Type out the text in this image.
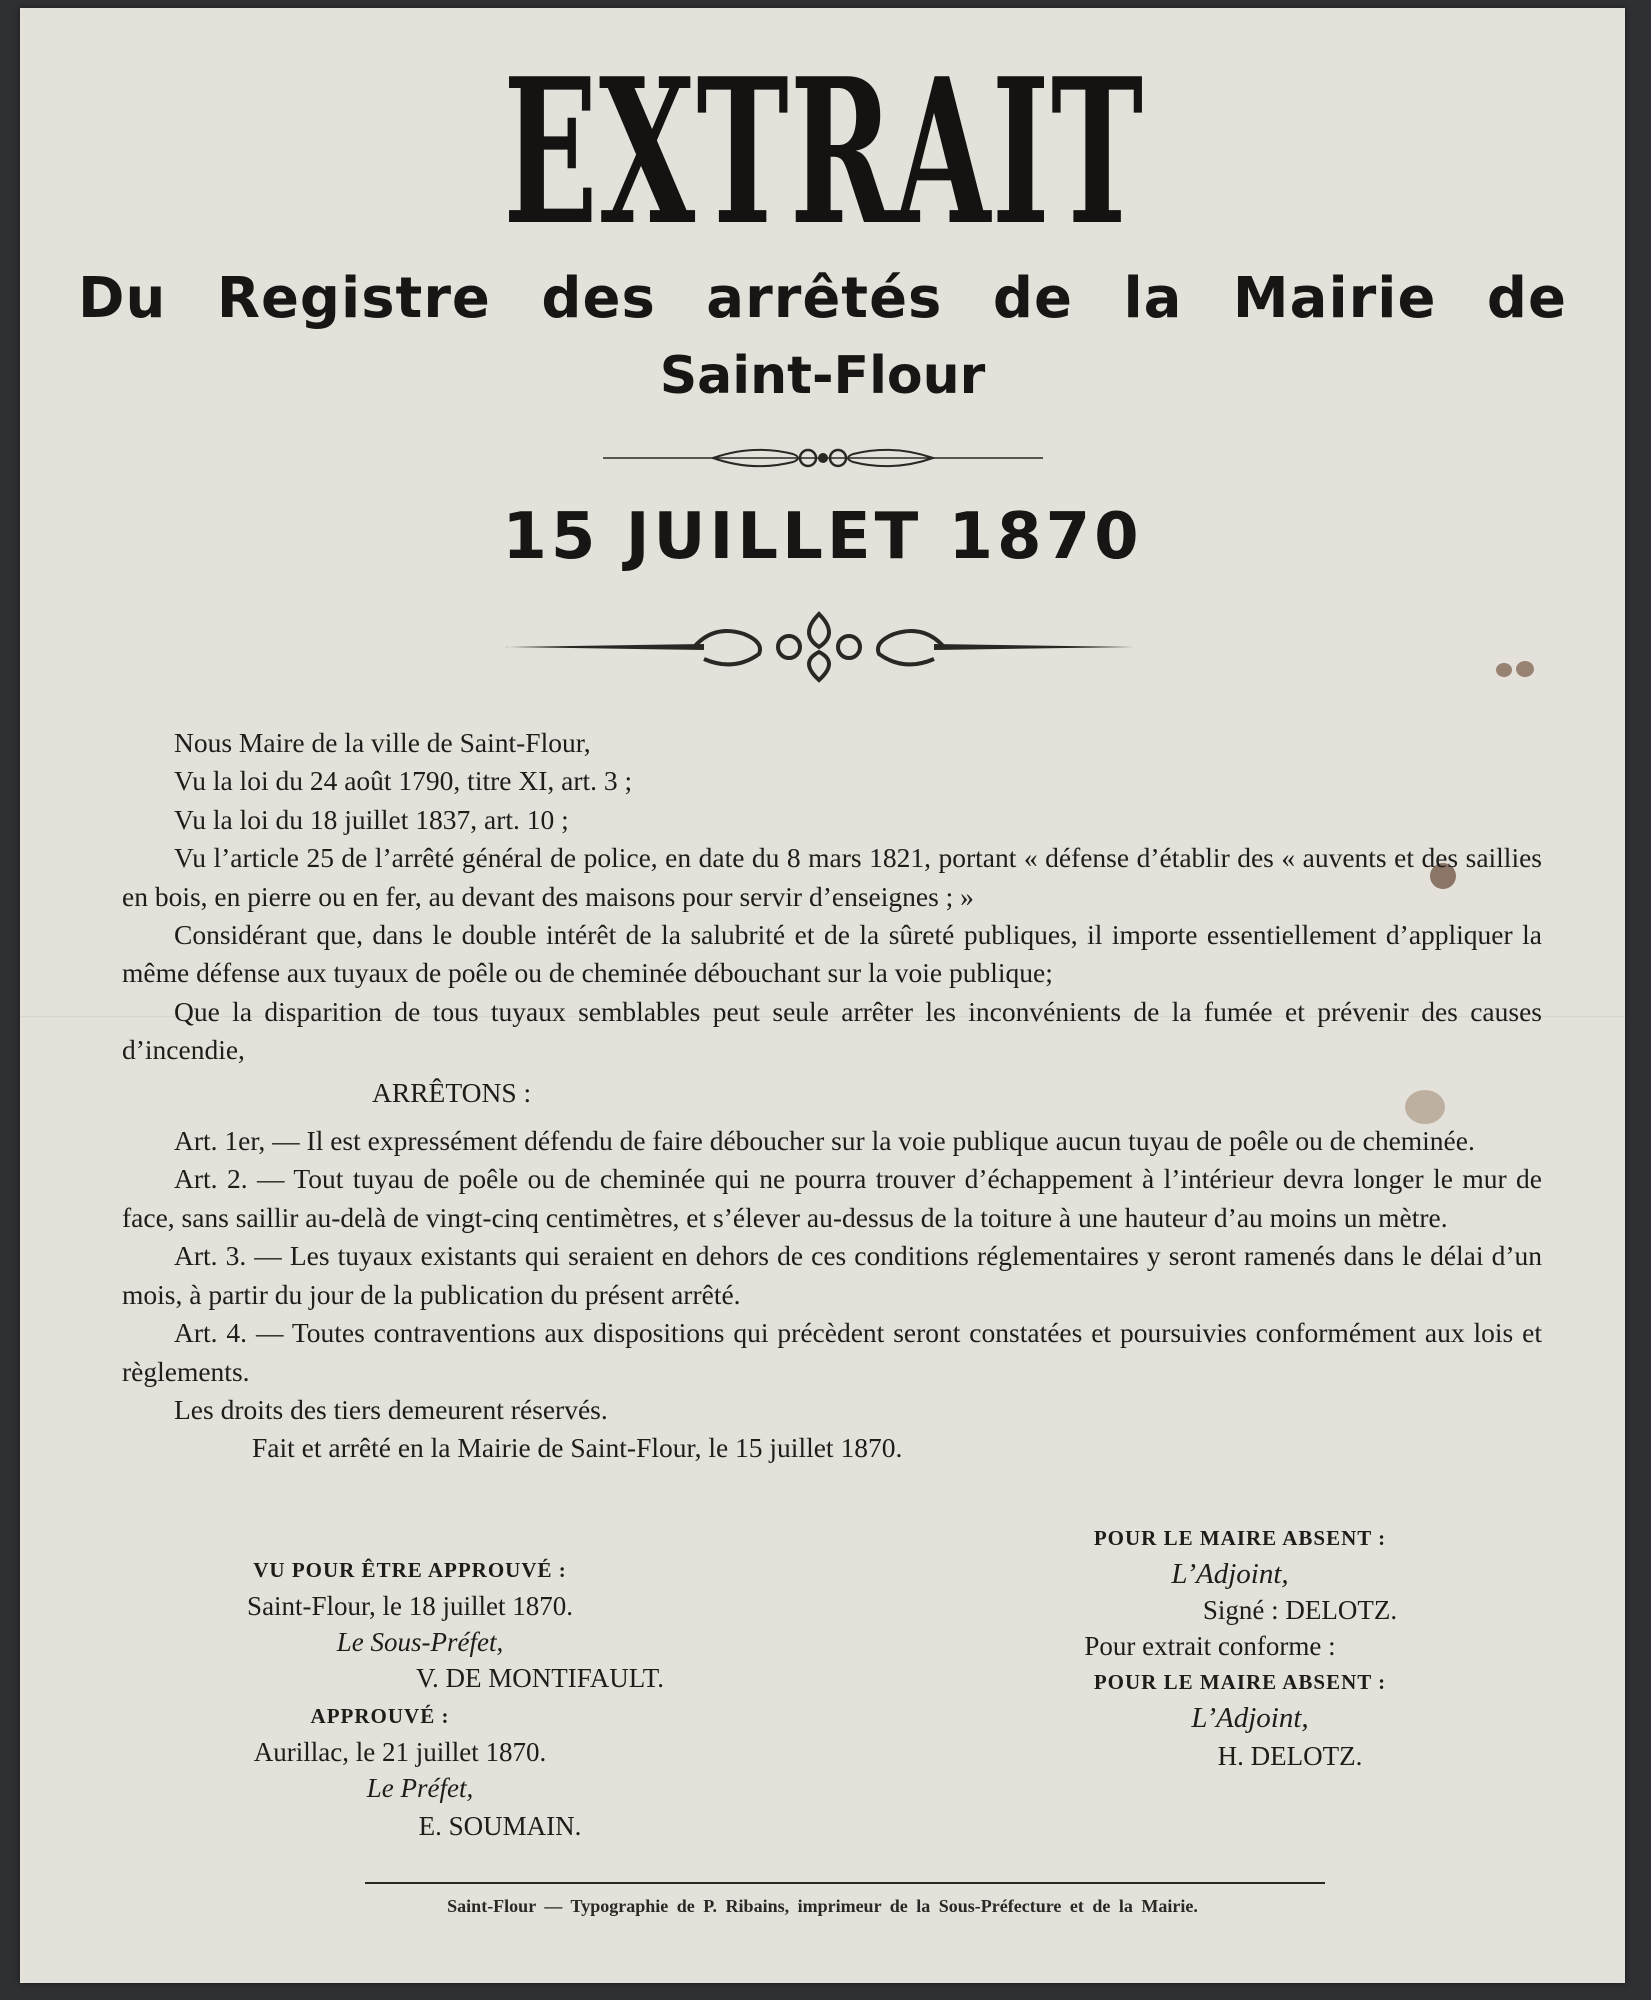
EXTRAIT
Du Registre des arrêtés de la Mairie de
Saint-Flour
15 JUILLET 1870
Nous Maire de la ville de Saint-Flour,
Vu la loi du 24 août 1790, titre XI, art. 3 ;
Vu la loi du 18 juillet 1837, art. 10 ;
Vu l’article 25 de l’arrêté général de police, en date du 8 mars 1821, portant « défense d’établir des « auvents et des saillies en bois, en pierre ou en fer, au devant des maisons pour servir d’enseignes ; »
Considérant que, dans le double intérêt de la salubrité et de la sûreté publiques, il importe essentiellement d’appliquer la même défense aux tuyaux de poêle ou de cheminée débouchant sur la voie publique;
Que la disparition de tous tuyaux semblables peut seule arrêter les inconvénients de la fumée et prévenir des causes d’incendie,
ARRÊTONS :
Art. 1er, — Il est expressément défendu de faire déboucher sur la voie publique aucun tuyau de poêle ou de cheminée.
Art. 2. — Tout tuyau de poêle ou de cheminée qui ne pourra trouver d’échappement à l’intérieur devra longer le mur de face, sans saillir au-delà de vingt-cinq centimètres, et s’élever au-dessus de la toiture à une hauteur d’au moins un mètre.
Art. 3. — Les tuyaux existants qui seraient en dehors de ces conditions réglementaires y seront ramenés dans le délai d’un mois, à partir du jour de la publication du présent arrêté.
Art. 4. — Toutes contraventions aux dispositions qui précèdent seront constatées et poursuivies conformément aux lois et règlements.
Les droits des tiers demeurent réservés.
Fait et arrêté en la Mairie de Saint-Flour, le 15 juillet 1870.
VU POUR ÊTRE APPROUVÉ :
Saint-Flour, le 18 juillet 1870.
Le Sous-Préfet,
V. DE MONTIFAULT.
APPROUVÉ :
Aurillac, le 21 juillet 1870.
Le Préfet,
E. SOUMAIN.
POUR LE MAIRE ABSENT :
L’Adjoint,
Signé : DELOTZ.
Pour extrait conforme :
POUR LE MAIRE ABSENT :
L’Adjoint,
H. DELOTZ.
Saint-Flour — Typographie de P. Ribains, imprimeur de la Sous-Préfecture et de la Mairie.
